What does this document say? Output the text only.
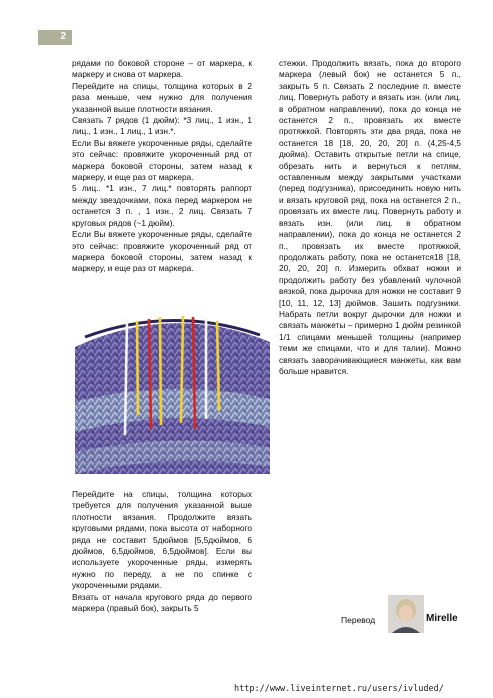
2

рядами по боковой стороне – от маркера, к маркеру и снова от маркера.

Перейдите на спицы, толщина которых в 2 раза меньше, чем нужно для получения указанной выше плотности вязания.

Связать 7 рядов (1 дюйм): *3 лиц., 1 изн., 1 лиц., 1 изн., 1 лиц., 1 изн.*.

Если Вы вяжете укороченные ряды, сделайте это сейчас: провяжите укороченный ряд от маркера боковой стороны, затем назад к маркеру, и еще раз от маркера.

5 лиц.. *1 изн., 7 лиц.* повторять раппорт между звездочками, пока перед маркером не останется 3 п. , 1 изн., 2 лиц. Связать 7 круговых рядов (~1 дюйм).

Если Вы вяжете укороченные ряды, сделайте это сейчас: провяжите укороченный ряд от маркера боковой стороны, затем назад к маркеру, и еще раз от маркера.

стежки. Продолжить вязать, пока до второго маркера (левый бок) не останется 5 п., закрыть 5 п. Связать 2 последние п. вместе лиц. Повернуть работу и вязать изн. (или лиц. в обратном направлении), пока до конца не останется 2 п., провязать их вместе протяжкой. Повторять эти два ряда, пока не останется 18 [18, 20, 20, 20] п. (4,25-4,5 дюйма). Оставить открытые петли на спице, обрезать нить и вернуться к петлям, оставленным между закрытыми участками (перед подгузника), присоединить новую нить и вязать круговой ряд, пока на останется 2 п., провязать их вместе лиц. Повернуть работу и вязать изн. (или лиц. в обратном направлении), пока до конца не останется 2 п., провязать их вместе протяжкой, продолжать работу, пока не останется18 [18, 20, 20, 20] п. Измерить обхват ножки и продолжить работу без убавлений чулочной вязкой, пока дырочка для ножки не составит 9 [10, 11, 12, 13] дюймов. Зашить подгузники. Набрать петли вокруг дырочки для ножки и связать манжеты – примерно 1 дюйм резинкой 1/1 спицами меньшей толщины (например теми же спицами, что и для талии). Можно связать заворачивающиеся манжеты, как вам больше нравится.

Перейдите на спицы, толщина которых требуется для получения указанной выше плотности вязания. Продолжите вязать круговыми рядами, пока высота от наборного ряда не составит 5дюймов [5,5дюймов, 6 дюймов, 6,5дюймов, 6,5дюймов]. Если вы используете укороченные ряды, измерять нужно по переду, а не по спинке с укороченными рядами.

Вязать от начала кругового ряда до первого маркера (правый бок), закрыть 5

Перевод	Mirelle
http://www.liveinternet.ru/users/ivluded/
